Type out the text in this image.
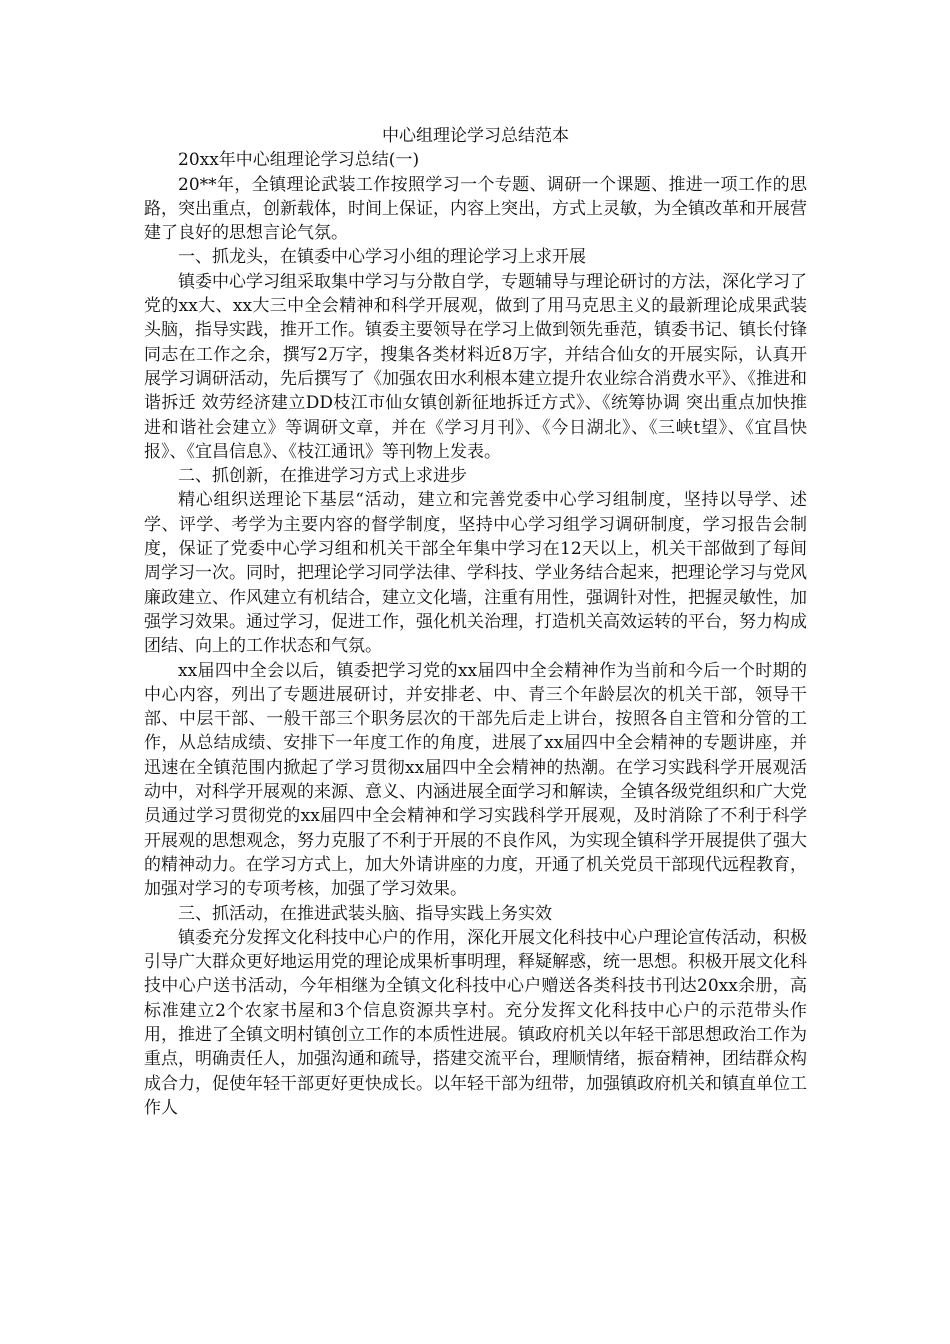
中心组理论学习总结范本

20xx年中心组理论学习总结(一)

20**年，全镇理论武装工作按照学习一个专题、调研一个课题、推进一项工作的思路，突出重点，创新载体，时间上保证，内容上突出，方式上灵敏，为全镇改革和开展营建了良好的思想言论气氛。

一、抓龙头，在镇委中心学习小组的理论学习上求开展

镇委中心学习组采取集中学习与分散自学，专题辅导与理论研讨的方法，深化学习了党的xx大、xx大三中全会精神和科学开展观，做到了用马克思主义的最新理论成果武装头脑，指导实践，推开工作。镇委主要领导在学习上做到领先垂范，镇委书记、镇长付锋同志在工作之余，撰写2万字，搜集各类材料近8万字，并结合仙女的开展实际，认真开展学习调研活动，先后撰写了《加强农田水利根本建立提升农业综合消费水平》、《推进和谐拆迁 效劳经济建立DD枝江市仙女镇创新征地拆迁方式》、《统筹协调 突出重点加快推进和谐社会建立》等调研文章，并在《学习月刊》、《今日湖北》、《三峡t望》、《宜昌快报》、《宜昌信息》、《枝江通讯》等刊物上发表。

二、抓创新，在推进学习方式上求进步

精心组织送理论下基层“活动，建立和完善党委中心学习组制度，坚持以导学、述学、评学、考学为主要内容的督学制度，坚持中心学习组学习调研制度，学习报告会制度，保证了党委中心学习组和机关干部全年集中学习在12天以上，机关干部做到了每间周学习一次。同时，把理论学习同学法律、学科技、学业务结合起来，把理论学习与党风廉政建立、作风建立有机结合，建立文化墙，注重有用性，强调针对性，把握灵敏性，加强学习效果。通过学习，促进工作，强化机关治理，打造机关高效运转的平台，努力构成团结、向上的工作状态和气氛。

xx届四中全会以后，镇委把学习党的xx届四中全会精神作为当前和今后一个时期的中心内容，列出了专题进展研讨，并安排老、中、青三个年龄层次的机关干部，领导干部、中层干部、一般干部三个职务层次的干部先后走上讲台，按照各自主管和分管的工作，从总结成绩、安排下一年度工作的角度，进展了xx届四中全会精神的专题讲座，并迅速在全镇范围内掀起了学习贯彻xx届四中全会精神的热潮。在学习实践科学开展观活动中，对科学开展观的来源、意义、内涵进展全面学习和解读，全镇各级党组织和广大党员通过学习贯彻党的xx届四中全会精神和学习实践科学开展观，及时消除了不利于科学开展观的思想观念，努力克服了不利于开展的不良作风，为实现全镇科学开展提供了强大的精神动力。在学习方式上，加大外请讲座的力度，开通了机关党员干部现代远程教育，加强对学习的专项考核，加强了学习效果。

三、抓活动，在推进武装头脑、指导实践上务实效

镇委充分发挥文化科技中心户的作用，深化开展文化科技中心户理论宣传活动，积极引导广大群众更好地运用党的理论成果析事明理，释疑解惑，统一思想。积极开展文化科技中心户送书活动，今年相继为全镇文化科技中心户赠送各类科技书刊达20xx余册，高标准建立2个农家书屋和3个信息资源共享村。充分发挥文化科技中心户的示范带头作用，推进了全镇文明村镇创立工作的本质性进展。镇政府机关以年轻干部思想政治工作为重点，明确责任人，加强沟通和疏导，搭建交流平台，理顺情绪，振奋精神，团结群众构成合力，促使年轻干部更好更快成长。以年轻干部为纽带，加强镇政府机关和镇直单位工作人
